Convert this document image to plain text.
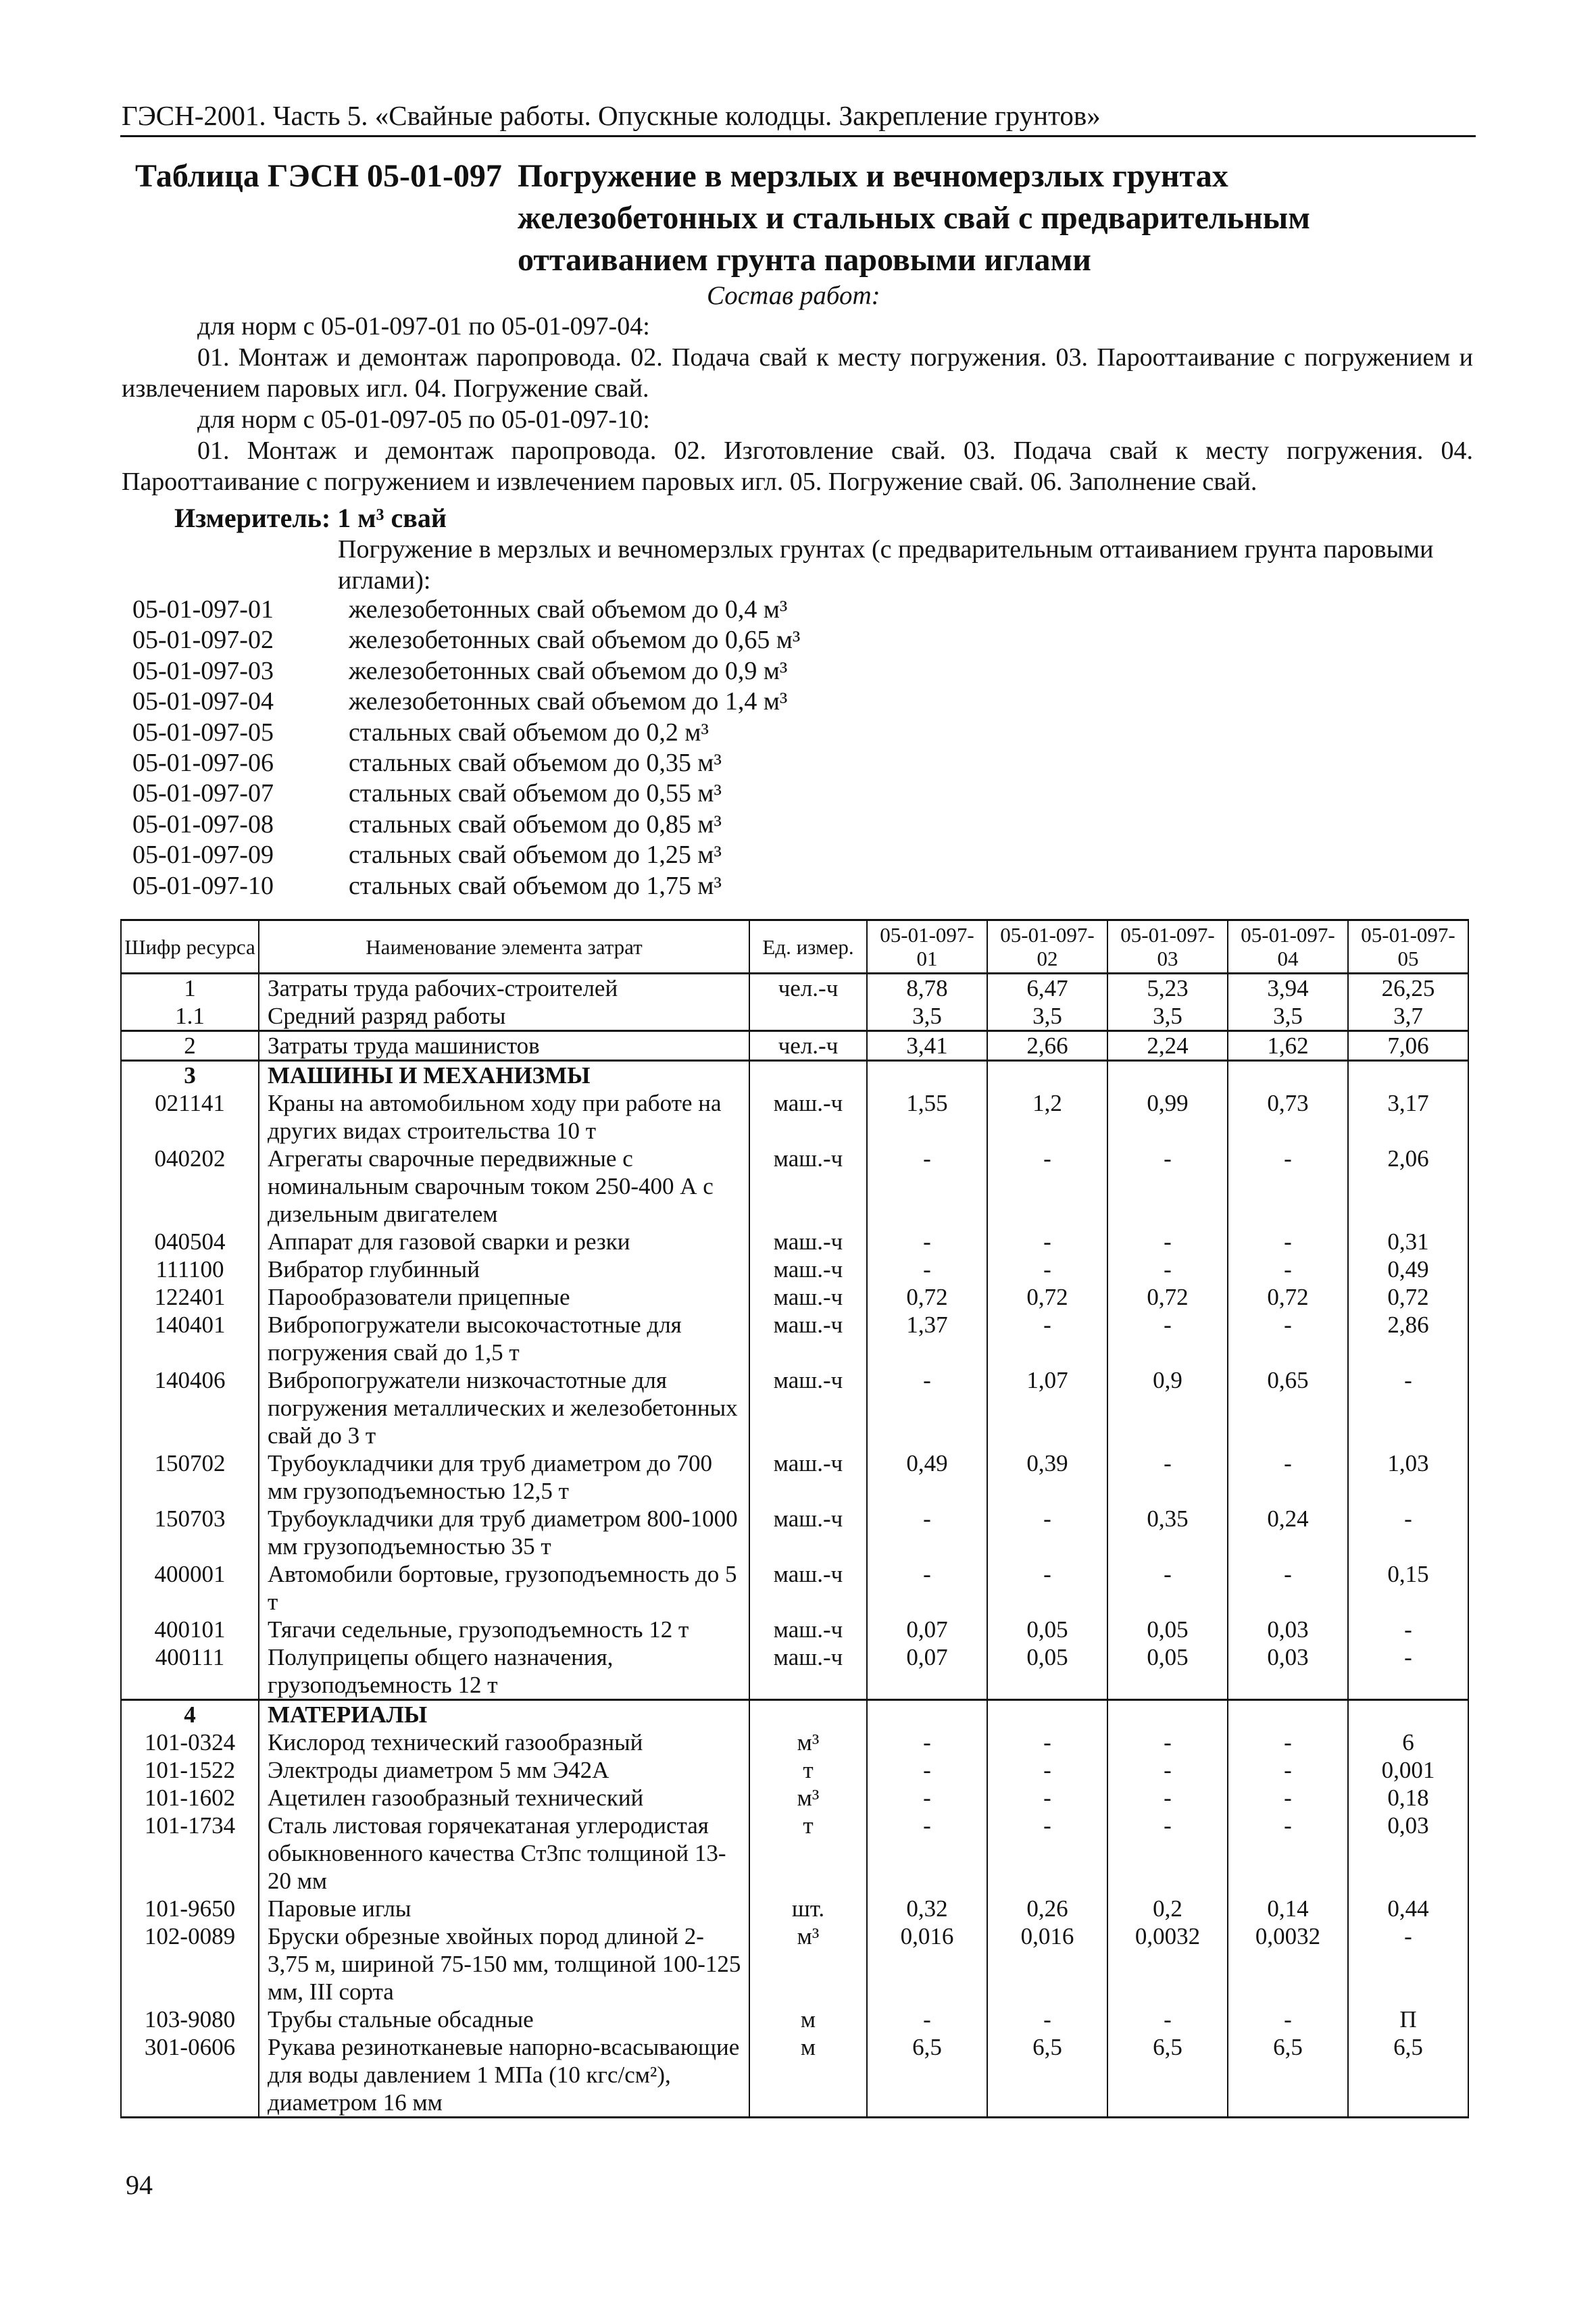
ГЭСН-2001. Часть 5. «Свайные работы. Опускные колодцы. Закрепление грунтов»
Таблица ГЭСН 05-01-097 Погружение в мерзлых и вечномерзлых грунтах
железобетонных и стальных свай с предварительным
оттаиванием грунта паровыми иглами
Состав работ:
для норм с 05-01-097-01 по 05-01-097-04:
01. Монтаж и демонтаж паропровода. 02. Подача свай к месту погружения. 03. Парооттаивание с погружением и извлечением паровых игл. 04. Погружение свай.
для норм с 05-01-097-05 по 05-01-097-10:
01. Монтаж и демонтаж паропровода. 02. Изготовление свай. 03. Подача свай к месту погружения. 04. Парооттаивание с погружением и извлечением паровых игл. 05. Погружение свай. 06. Заполнение свай.
Измеритель: 1 м³ свай
Погружение в мерзлых и вечномерзлых грунтах (с предварительным оттаиванием грунта паровыми иглами):
05-01-097-01	железобетонных свай объемом до 0,4 м³
05-01-097-02	железобетонных свай объемом до 0,65 м³
05-01-097-03	железобетонных свай объемом до 0,9 м³
05-01-097-04	железобетонных свай объемом до 1,4 м³
05-01-097-05	стальных свай объемом до 0,2 м³
05-01-097-06	стальных свай объемом до 0,35 м³
05-01-097-07	стальных свай объемом до 0,55 м³
05-01-097-08	стальных свай объемом до 0,85 м³
05-01-097-09	стальных свай объемом до 1,25 м³
05-01-097-10	стальных свай объемом до 1,75 м³
Шифр ресурса	Наименование элемента затрат	Ед. измер.	05-01-097-01	05-01-097-02	05-01-097-03	05-01-097-04	05-01-097-05
1	Затраты труда рабочих-строителей	чел.-ч	8,78	6,47	5,23	3,94	26,25
1.1	Средний разряд работы		3,5	3,5	3,5	3,5	3,7
2	Затраты труда машинистов	чел.-ч	3,41	2,66	2,24	1,62	7,06
3	МАШИНЫ И МЕХАНИЗМЫ						
021141	Краны на автомобильном ходу при работе на других видах строительства 10 т	маш.-ч	1,55	1,2	0,99	0,73	3,17
040202	Агрегаты сварочные передвижные с номинальным сварочным током 250-400 А с дизельным двигателем	маш.-ч	-	-	-	-	2,06
040504	Аппарат для газовой сварки и резки	маш.-ч	-	-	-	-	0,31
111100	Вибратор глубинный	маш.-ч	-	-	-	-	0,49
122401	Парообразователи прицепные	маш.-ч	0,72	0,72	0,72	0,72	0,72
140401	Вибропогружатели высокочастотные для погружения свай до 1,5 т	маш.-ч	1,37	-	-	-	2,86
140406	Вибропогружатели низкочастотные для погружения металлических и железобетонных свай до 3 т	маш.-ч	-	1,07	0,9	0,65	-
150702	Трубоукладчики для труб диаметром до 700 мм грузоподъемностью 12,5 т	маш.-ч	0,49	0,39	-	-	1,03
150703	Трубоукладчики для труб диаметром 800-1000 мм грузоподъемностью 35 т	маш.-ч	-	-	0,35	0,24	-
400001	Автомобили бортовые, грузоподъемность до 5 т	маш.-ч	-	-	-	-	0,15
400101	Тягачи седельные, грузоподъемность 12 т	маш.-ч	0,07	0,05	0,05	0,03	-
400111	Полуприцепы общего назначения, грузоподъемность 12 т	маш.-ч	0,07	0,05	0,05	0,03	-
4	МАТЕРИАЛЫ						
101-0324	Кислород технический газообразный	м³	-	-	-	-	6
101-1522	Электроды диаметром 5 мм Э42А	т	-	-	-	-	0,001
101-1602	Ацетилен газообразный технический	м³	-	-	-	-	0,18
101-1734	Сталь листовая горячекатаная углеродистая обыкновенного качества Ст3пс толщиной 13-20 мм	т	-	-	-	-	0,03
101-9650	Паровые иглы	шт.	0,32	0,26	0,2	0,14	0,44
102-0089	Бруски обрезные хвойных пород длиной 2-3,75 м, шириной 75-150 мм, толщиной 100-125 мм, III сорта	м³	0,016	0,016	0,0032	0,0032	-
103-9080	Трубы стальные обсадные	м	-	-	-	-	П
301-0606	Рукава резинотканевые напорно-всасывающие для воды давлением 1 МПа (10 кгс/см²), диаметром 16 мм	м	6,5	6,5	6,5	6,5	6,5
94
